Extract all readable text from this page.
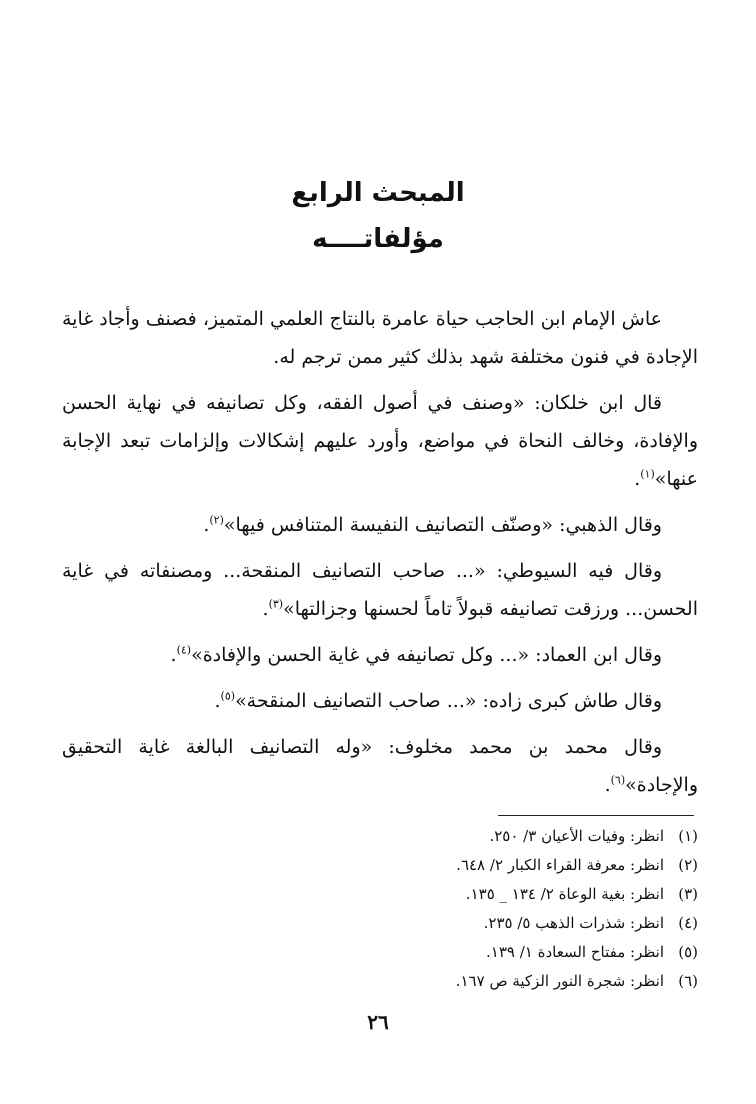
المبحث الرابع
مؤلفاتــــه

عاش الإمام ابن الحاجب حياة عامرة بالنتاج العلمي المتميز، فصنف وأجاد غاية الإجادة في فنون مختلفة شهد بذلك كثير ممن ترجم له.

قال ابن خلكان: «وصنف في أصول الفقه، وكل تصانيفه في نهاية الحسن والإفادة، وخالف النحاة في مواضع، وأورد عليهم إشكالات وإلزامات تبعد الإجابة عنها»$^{(١)}$.

وقال الذهبي: «وصنّف التصانيف النفيسة المتنافس فيها»$^{(٢)}$.

وقال فيه السيوطي: «... صاحب التصانيف المنقحة... ومصنفاته في غاية الحسن... ورزقت تصانيفه قبولاً تاماً لحسنها وجزالتها»$^{(٣)}$.

وقال ابن العماد: «... وكل تصانيفه في غاية الحسن والإفادة»$^{(٤)}$.

وقال طاش كبرى زاده: «... صاحب التصانيف المنقحة»$^{(٥)}$.

وقال محمد بن محمد مخلوف: «وله التصانيف البالغة غاية التحقيق والإجادة»$^{(٦)}$.

(١)انظر: وفيات الأعيان ٣/ ٢٥٠.
(٢)انظر: معرفة القراء الكبار ٢/ ٦٤٨.
(٣)انظر: بغية الوعاة ٢/ ١٣٤ _ ١٣٥.
(٤)انظر: شذرات الذهب ٥/ ٢٣٥.
(٥)انظر: مفتاح السعادة ١/ ١٣٩.
(٦)انظر: شجرة النور الزكية ص ١٦٧.
٢٦
